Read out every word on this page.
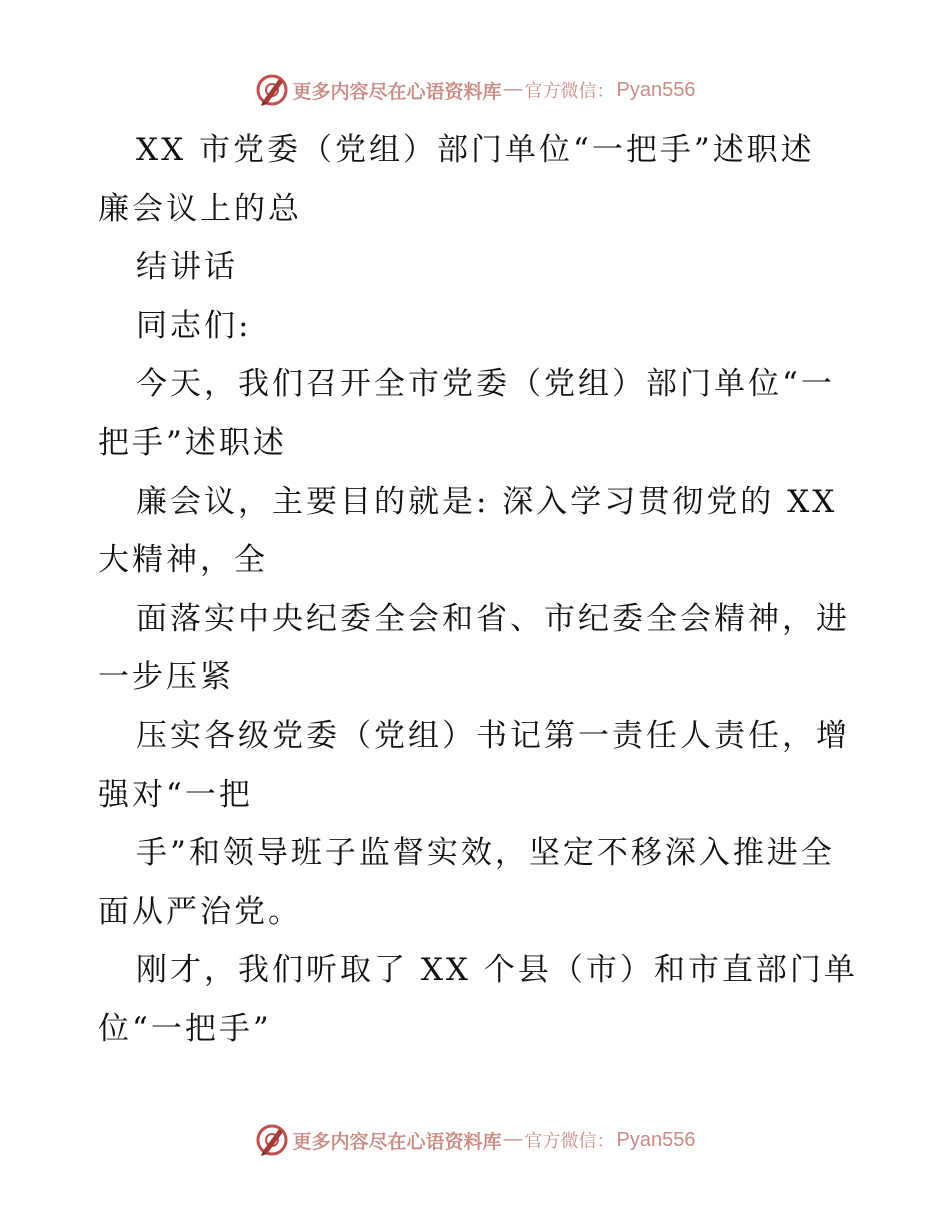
更多内容尽在心语资料库 — 官方微信： Pyan556
XX 市党委（党组）部门单位“一把手”述职述
廉会议上的总
结讲话
同志们:
今天，我们召开全市党委（党组）部门单位“一
把手”述职述
廉会议，主要目的就是: 深入学习贯彻党的 XX
大精神，全
面落实中央纪委全会和省、市纪委全会精神，进
一步压紧
压实各级党委（党组）书记第一责任人责任，增
强对“一把
手”和领导班子监督实效，坚定不移深入推进全
面从严治党。
刚才，我们听取了 XX 个县（市）和市直部门单
位“一把手”
更多内容尽在心语资料库 — 官方微信： Pyan556
